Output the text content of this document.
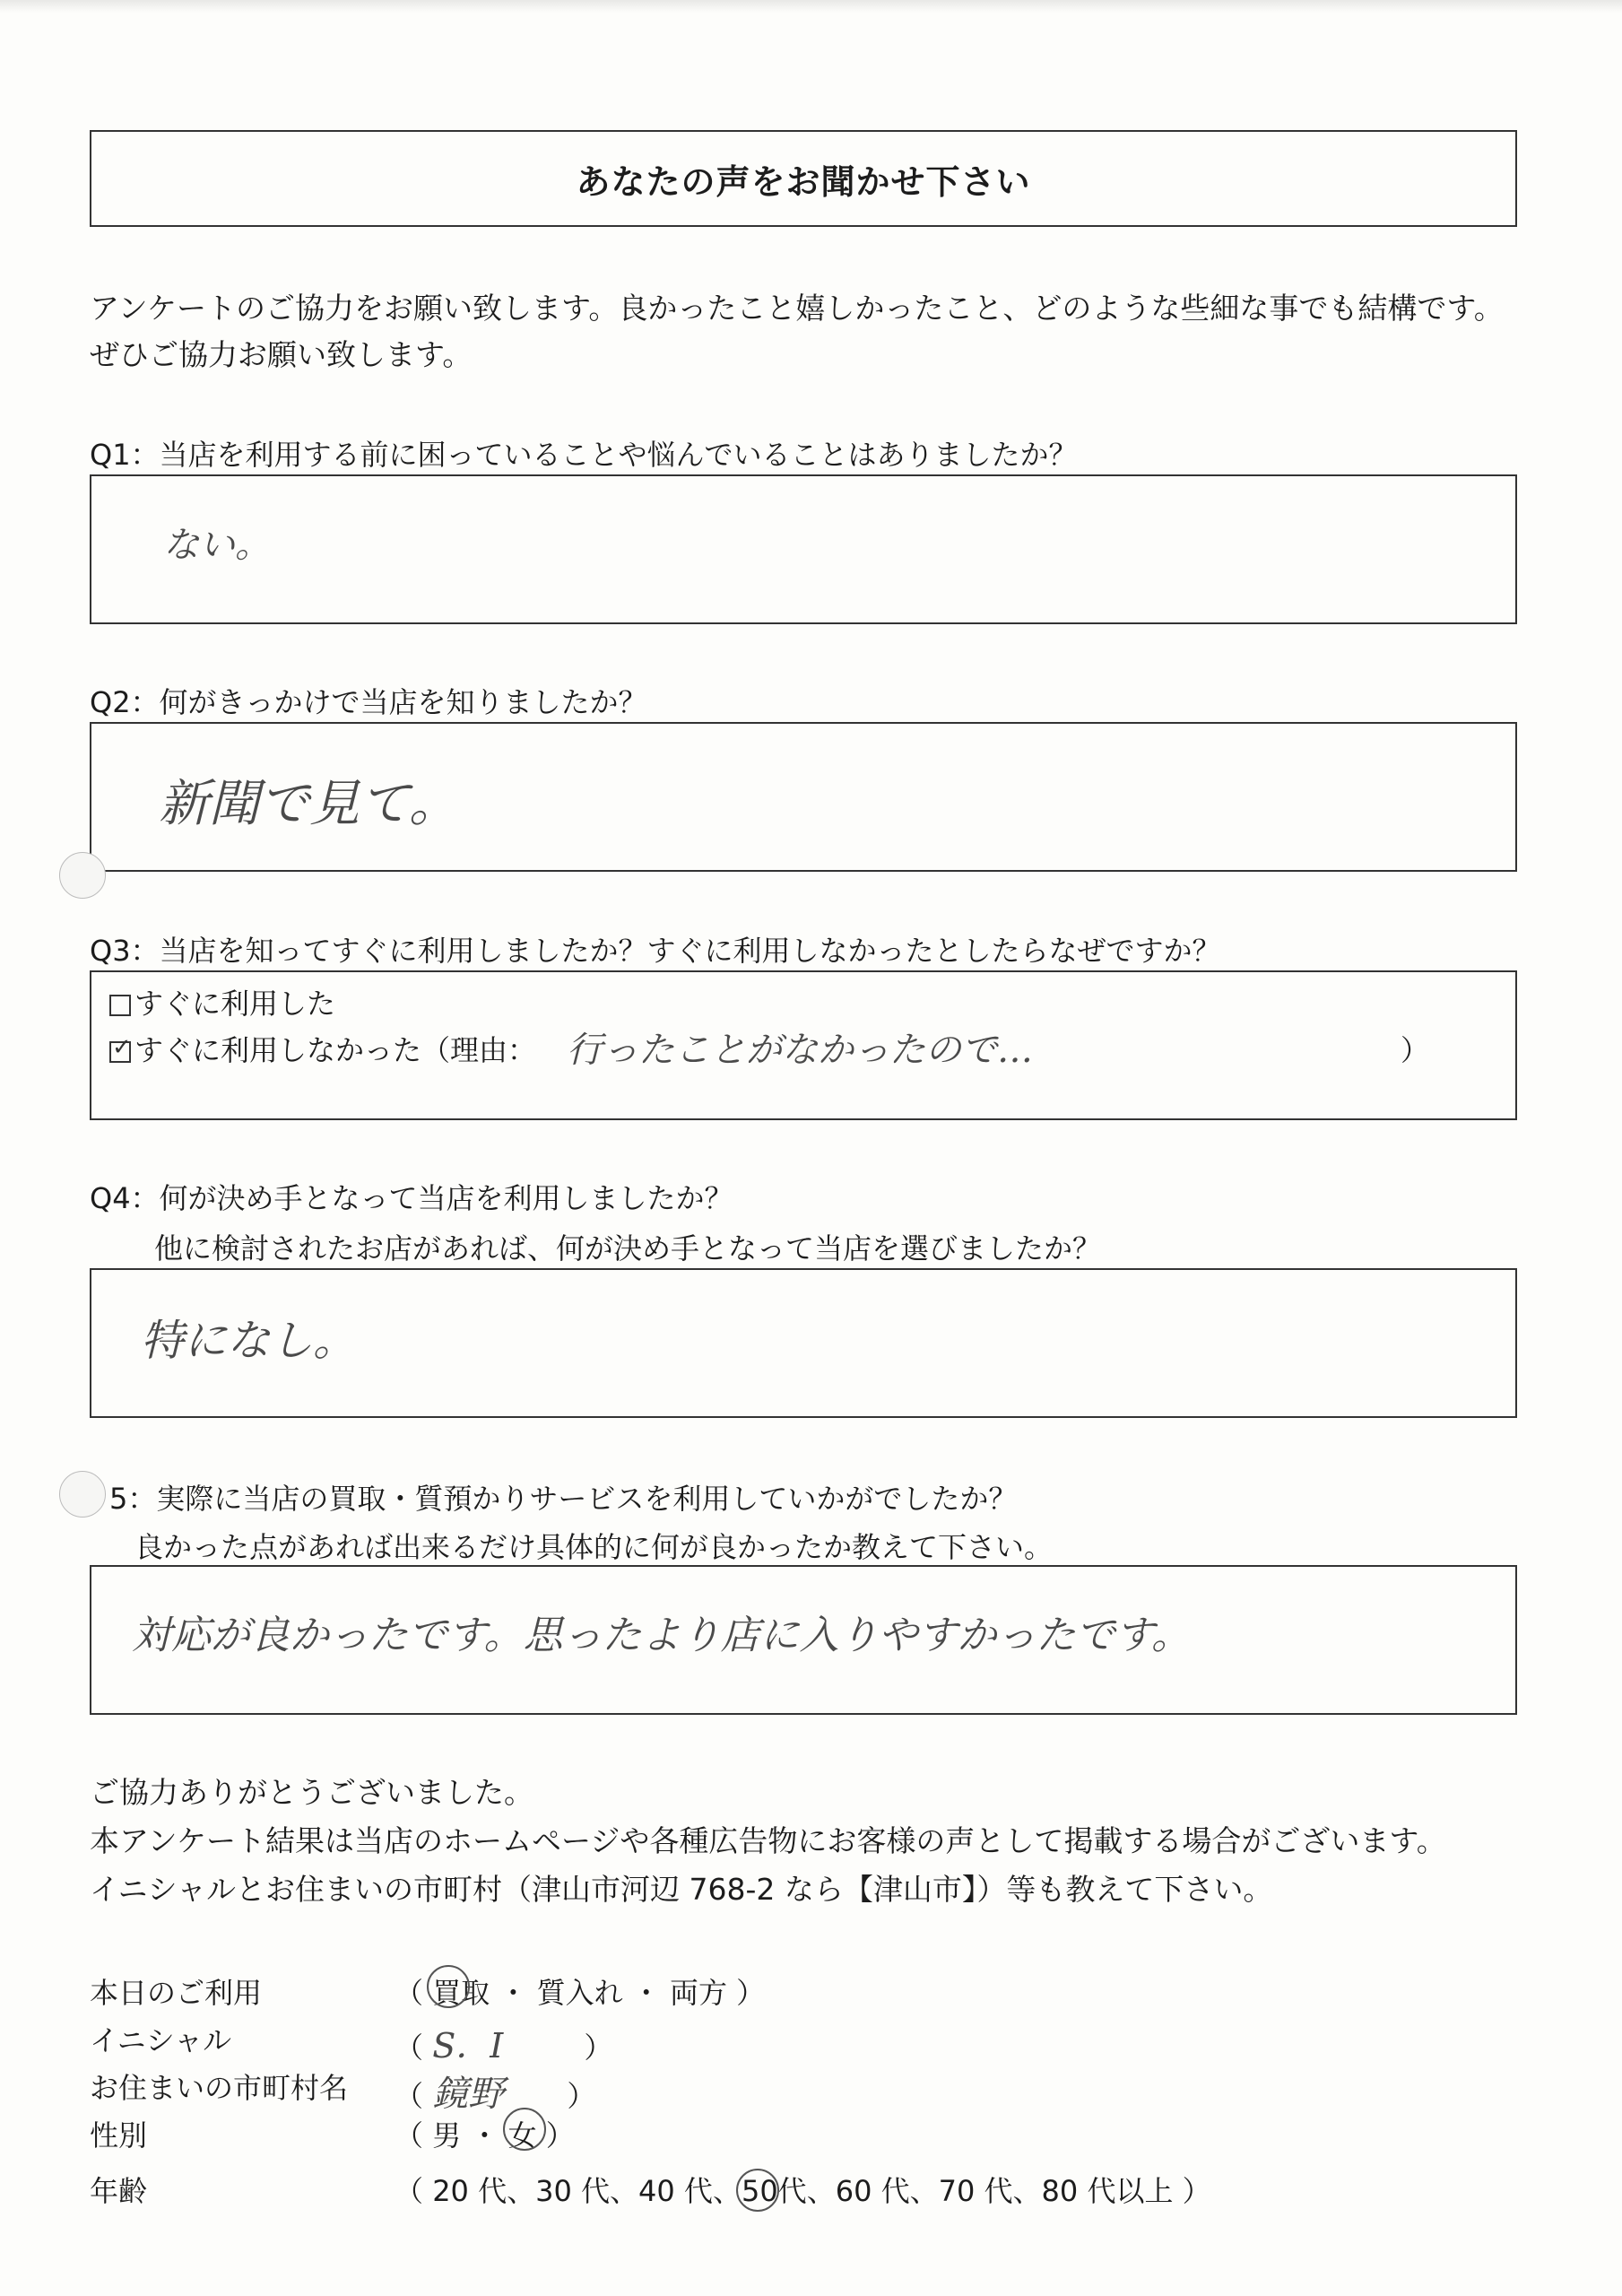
あなたの声をお聞かせ下さい
アンケートのご協力をお願い致します。良かったこと嬉しかったこと、どのような些細な事でも結構です。
ぜひご協力お願い致します。
Q1：当店を利用する前に困っていることや悩んでいることはありましたか？
ない。
Q2：何がきっかけで当店を知りましたか？
新聞で見て。
Q3：当店を知ってすぐに利用しましたか？すぐに利用しなかったとしたらなぜですか？
すぐに利用した
✓ すぐに利用しなかった（理由： 行ったことがなかったので…	）
Q4：何が決め手となって当店を利用しましたか？
他に検討されたお店があれば、何が決め手となって当店を選びましたか？
特になし。
5：実際に当店の買取・質預かりサービスを利用していかがでしたか？
良かった点があれば出来るだけ具体的に何が良かったか教えて下さい。
対応が良かったです。思ったより店に入りやすかったです。
ご協力ありがとうございました。
本アンケート結果は当店のホームページや各種広告物にお客様の声として掲載する場合がございます。
イニシャルとお住まいの市町村（津山市河辺 768-2 なら【津山市】）等も教えて下さい。
本日のご利用	（ 買取 ・ 質入れ ・ 両方 ）
イニシャル	（ S．I	）
お住まいの市町村名 （ 鏡野 ）
性別	（ 男 ・ 女 ）
年齢	（ 20 代、30 代、40 代、50代、60 代、70 代、80 代以上 ）
